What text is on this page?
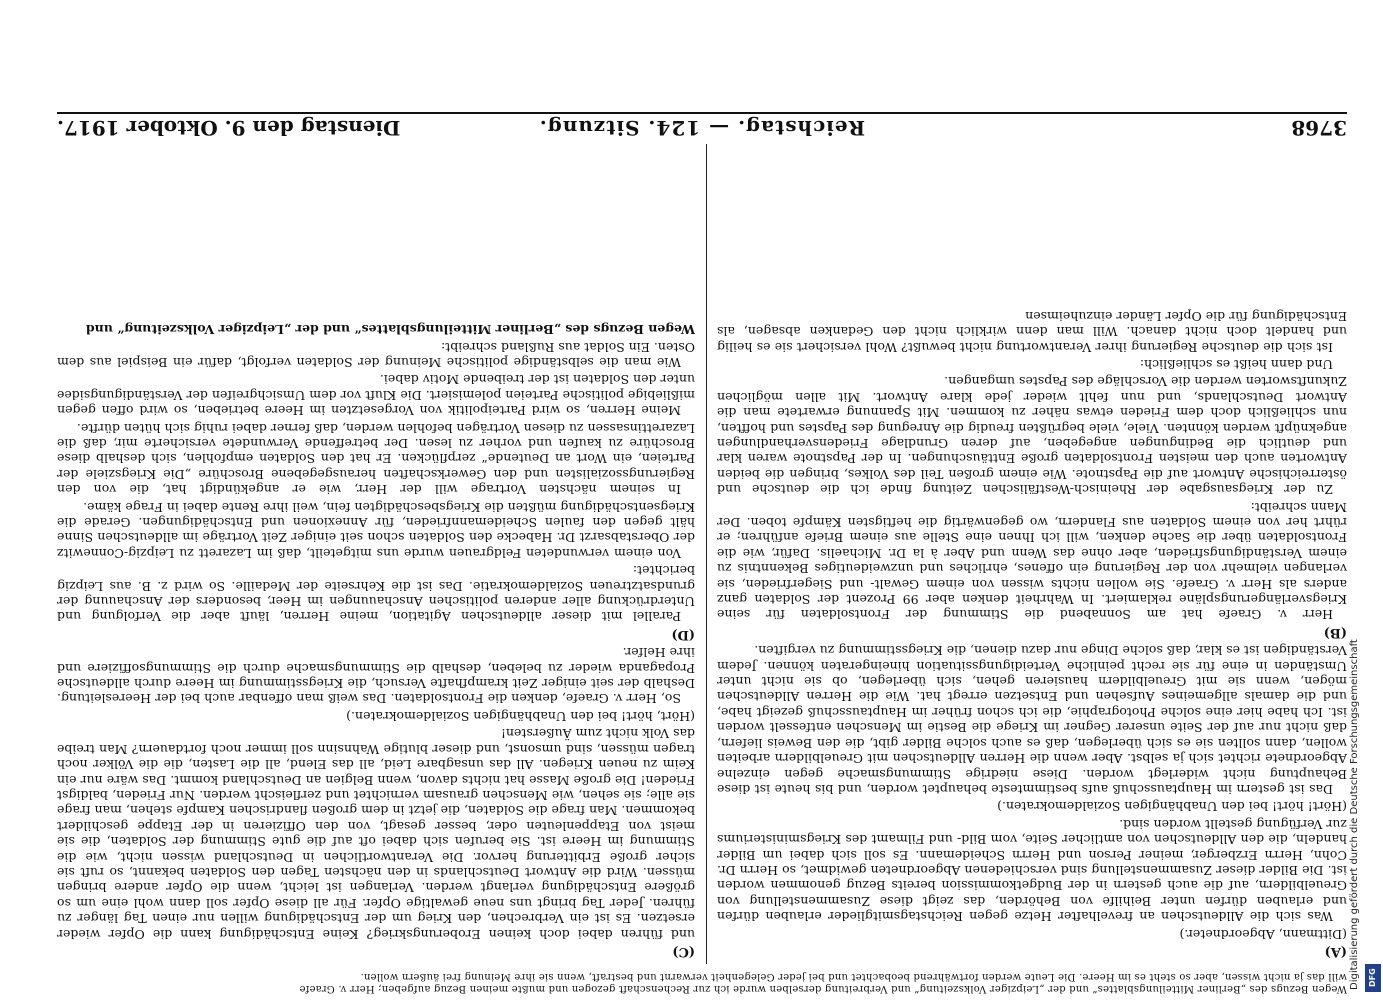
Wegen Bezugs des „Berliner Mitteilungsblattes“ und der „Leipziger Volkszeitung“ und Verbreitung derselben wurde ich zur Rechenschaft gezogen und mußte meinen Bezug aufgeben; Herr v. Graefe
will das ja nicht wissen, aber so steht es im Heere. Die Leute werden fortwährend beobachtet und bei jeder Gelegenheit verwarnt und bestraft, wenn sie ihre Meinung frei äußern wollen.
3768
Reichstag. — 124. Sitzung.
Dienstag den 9. Oktober 1917.

(A)

(Dittmann, Abgeordneter.)

Was sich die Alldeutschen an frevelhafter Hetze gegen Reichstagsmitglieder erlauben dürfen und erlauben dürfen unter Beihilfe von Behörden, das zeigt diese Zusammenstellung von Greuelbildern, auf die auch gestern in der Budgetkommission bereits Bezug genommen worden ist. Die Bilder dieser Zusammenstellung sind verschiedenen Abgeordneten gewidmet, so Herrn Dr. Cohn, Herrn Erzberger, meiner Person und Herrn Scheidemann. Es soll sich dabei um Bilder handeln, die den Alldeutschen von amtlicher Seite, vom Bild- und Filmamt des Kriegsministeriums zur Verfügung gestellt worden sind.

(Hört! hört! bei den Unabhängigen Sozialdemokraten.)

Das ist gestern im Hauptausschuß aufs bestimmteste behauptet worden, und bis heute ist diese Behauptung nicht widerlegt worden. Diese niedrige Stimmungsmache gegen einzelne Abgeordnete richtet sich ja selbst. Aber wenn die Herren Alldeutschen mit Greuelbildern arbeiten wollen, dann sollten sie es sich überlegen, daß es auch solche Bilder gibt, die den Beweis liefern, daß nicht nur auf der Seite unserer Gegner im Kriege die Bestie im Menschen entfesselt worden ist. Ich habe hier eine solche Photographie, die ich schon früher im Hauptausschuß gezeigt habe, und die damals allgemeines Aufsehen und Entsetzen erregt hat. Wie die Herren Alldeutschen mögen, wenn sie mit Greuelbildern hausieren gehen, sich überlegen, ob sie nicht unter Umständen in eine für sie recht peinliche Verteidigungssituation hineingeraten können. Jedem Verständigen ist es klar, daß solche Dinge nur dazu dienen, die Kriegsstimmung zu vergiften.

(B)

Herr v. Graefe hat am Sonnabend die Stimmung der Frontsoldaten für seine Kriegsverlängerungspläne reklamiert. In Wahrheit denken aber 99 Prozent der Soldaten ganz anders als Herr v. Graefe. Sie wollen nichts wissen von einem Gewalt- und Siegerfrieden, sie verlangen vielmehr von der Regierung ein offenes, ehrliches und unzweideutiges Bekenntnis zu einem Verständigungsfrieden, aber ohne das Wenn und Aber à la Dr. Michaelis. Dafür, wie die Frontsoldaten über die Sache denken, will ich Ihnen eine Stelle aus einem Briefe anführen; er rührt her von einem Soldaten aus Flandern, wo gegenwärtig die heftigsten Kämpfe toben. Der Mann schreibt:

Zu der Kriegsausgabe der Rheinisch-Westfälischen Zeitung finde ich die deutsche und österreichische Antwort auf die Papstnote. Wie einem großen Teil des Volkes, bringen die beiden Antworten auch den meisten Frontsoldaten große Enttäuschungen. In der Papstnote waren klar und deutlich die Bedingungen angegeben, auf deren Grundlage Friedensverhandlungen angeknüpft werden könnten. Viele, viele begrüßten freudig die Anregung des Papstes und hofften, nun schließlich doch dem Frieden etwas näher zu kommen. Mit Spannung erwartete man die Antwort Deutschlands, und nun fehlt wieder jede klare Antwort. Mit allen möglichen Zukunftsworten werden die Vorschläge des Papstes umgangen.

Und dann heißt es schließlich:

Ist sich die deutsche Regierung ihrer Verantwortung nicht bewußt? Wohl versichert sie es heilig und handelt doch nicht danach. Will man denn wirklich nicht den Gedanken absagen, als Entschädigung für die Opfer Länder einzuheimsen

(C)

und führen dabei doch keinen Eroberungskrieg? Keine Entschädigung kann die Opfer wieder ersetzen. Es ist ein Verbrechen, den Krieg um der Entschädigung willen nur einen Tag länger zu führen. Jeder Tag bringt uns neue gewaltige Opfer. Für all diese Opfer soll dann wohl eine um so größere Entschädigung verlangt werden. Verlangen ist leicht, wenn die Opfer andere bringen müssen. Wird die Antwort Deutschlands in den nächsten Tagen den Soldaten bekannt, so ruft sie sicher große Erbitterung hervor. Die Verantwortlichen in Deutschland wissen nicht, wie die Stimmung im Heere ist. Sie berufen sich dabei oft auf die gute Stimmung der Soldaten, die sie meist von Etappenleuten oder, besser gesagt, von den Offizieren in der Etappe geschildert bekommen. Man frage die Soldaten, die jetzt in dem großen flandrischen Kampfe stehen, man frage sie alle; sie sehen, wie Menschen grausam vernichtet und zerfleischt werden. Nur Frieden, baldigst Frieden! Die große Masse hat nichts davon, wenn Belgien an Deutschland kommt. Das wäre nur ein Keim zu neuen Kriegen. All das unsagbare Leid, all das Elend, all die Lasten, die die Völker noch tragen müssen, sind umsonst, und dieser blutige Wahnsinn soll immer noch fortdauern? Man treibe das Volk nicht zum Äußersten!

(Hört, hört! bei den Unabhängigen Sozialdemokraten.)

So, Herr v. Graefe, denken die Frontsoldaten. Das weiß man offenbar auch bei der Heeresleitung. Deshalb der seit einiger Zeit krampfhafte Versuch, die Kriegsstimmung im Heere durch alldeutsche Propaganda wieder zu beleben, deshalb die Stimmungsmache durch die Stimmungsoffiziere und ihre Helfer.

(D)

Parallel mit dieser alldeutschen Agitation, meine Herren, läuft aber die Verfolgung und Unterdrückung aller anderen politischen Anschauungen im Heer, besonders der Anschauung der grundsatztreuen Sozialdemokratie. Das ist die Kehrseite der Medaille. So wird z. B. aus Leipzig berichtet:

Von einem verwundeten Feldgrauen wurde uns mitgeteilt, daß im Lazarett zu Leipzig-Connewitz der Oberstabsarzt Dr. Habecke den Soldaten schon seit einiger Zeit Vorträge im alldeutschen Sinne hält gegen den faulen Scheidemannfrieden, für Annexionen und Entschädigungen. Gerade die Kriegsentschädigung müßten die Kriegsbeschädigten fein, weil ihre Rente dabei in Frage käme.

In seinem nächsten Vortrage will der Herr, wie er angekündigt hat, die von den Regierungssozialisten und den Gewerkschaften herausgegebene Broschüre „Die Kriegsziele der Parteien, ein Wort an Deutende“ zerpflücken. Er hat den Soldaten empfohlen, sich deshalb diese Broschüre zu kaufen und vorher zu lesen. Der betreffende Verwundete versicherte mir, daß die Lazarettinsassen zu diesen Vorträgen befohlen werden, daß ferner dabei ruhig sich hüten dürfte.

Meine Herren, so wird Parteipolitik von Vorgesetzten im Heere betrieben, so wird offen gegen mißliebige politische Parteien polemisiert. Die Kluft vor dem Umsichgreifen der Verständigungsidee unter den Soldaten ist der treibende Motiv dabei.

Wie man die selbständige politische Meinung der Soldaten verfolgt, dafür ein Beispiel aus dem Osten. Ein Soldat aus Rußland schreibt:

Wegen Bezugs des „Berliner Mitteilungsblattes“ und der „Leipziger Volkszeitung“ und

Digitalisierung gefördert durch die Deutsche Forschungsgemeinschaft	DFG
